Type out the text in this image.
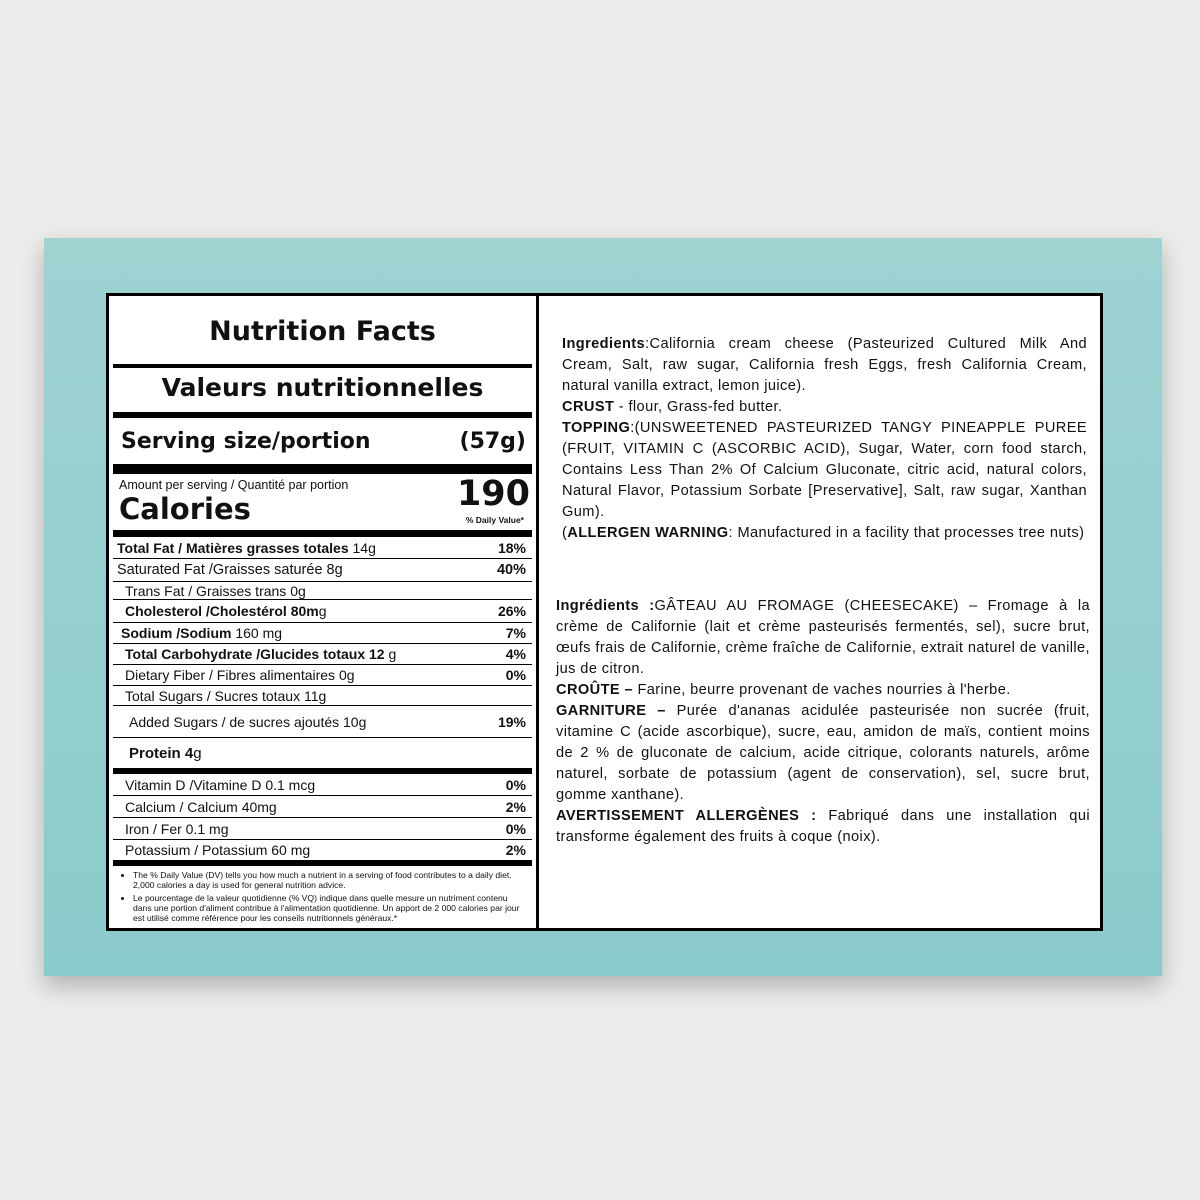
Nutrition Facts
Valeurs nutritionnelles
Serving size/portion	(57g)
Amount per serving / Quantité par portion
Calories	190
% Daily Value*
Total Fat / Matières grasses totales 14g	18%
Saturated Fat /Graisses saturée 8g	40%
Trans Fat / Graisses trans 0g
Cholesterol /Cholestérol 80mg	26%
Sodium /Sodium 160 mg	7%
Total Carbohydrate /Glucides totaux 12 g	4%
Dietary Fiber / Fibres alimentaires 0g	0%
Total Sugars / Sucres totaux 11g
Added Sugars / de sucres ajoutés 10g	19%
Protein 4g
Vitamin D /Vitamine D 0.1 mcg	0%
Calcium / Calcium 40mg	2%
Iron / Fer 0.1 mg	0%
Potassium / Potassium 60 mg	2%
• The % Daily Value (DV) tells you how much a nutrient in a serving of food contributes to a daily diet. 2,000 calories a day is used for general nutrition advice.
• Le pourcentage de la valeur quotidienne (% VQ) indique dans quelle mesure un nutriment contenu dans une portion d'aliment contribue à l'alimentation quotidienne. Un apport de 2 000 calories par jour est utilisé comme référence pour les conseils nutritionnels généraux.*

Ingredients:California cream cheese (Pasteurized Cultured Milk And Cream, Salt, raw sugar, California fresh Eggs, fresh California Cream, natural vanilla extract, lemon juice).

CRUST - flour, Grass-fed butter.

TOPPING:(UNSWEETENED PASTEURIZED TANGY PINEAPPLE PUREE (FRUIT, VITAMIN C (ASCORBIC ACID), Sugar, Water, corn food starch, Contains Less Than 2% Of Calcium Gluconate, citric acid, natural colors, Natural Flavor, Potassium Sorbate [Preservative], Salt, raw sugar, Xanthan Gum).

(ALLERGEN WARNING: Manufactured in a facility that processes tree nuts)

Ingrédients :GÂTEAU AU FROMAGE (CHEESECAKE) – Fromage à la crème de Californie (lait et crème pasteurisés fermentés, sel), sucre brut, œufs frais de Californie, crème fraîche de Californie, extrait naturel de vanille, jus de citron.

CROÛTE – Farine, beurre provenant de vaches nourries à l'herbe.

GARNITURE – Purée d'ananas acidulée pasteurisée non sucrée (fruit, vitamine C (acide ascorbique), sucre, eau, amidon de maïs, contient moins de 2 % de gluconate de calcium, acide citrique, colorants naturels, arôme naturel, sorbate de potassium (agent de conservation), sel, sucre brut, gomme xanthane).

AVERTISSEMENT ALLERGÈNES : Fabriqué dans une installation qui transforme également des fruits à coque (noix).
